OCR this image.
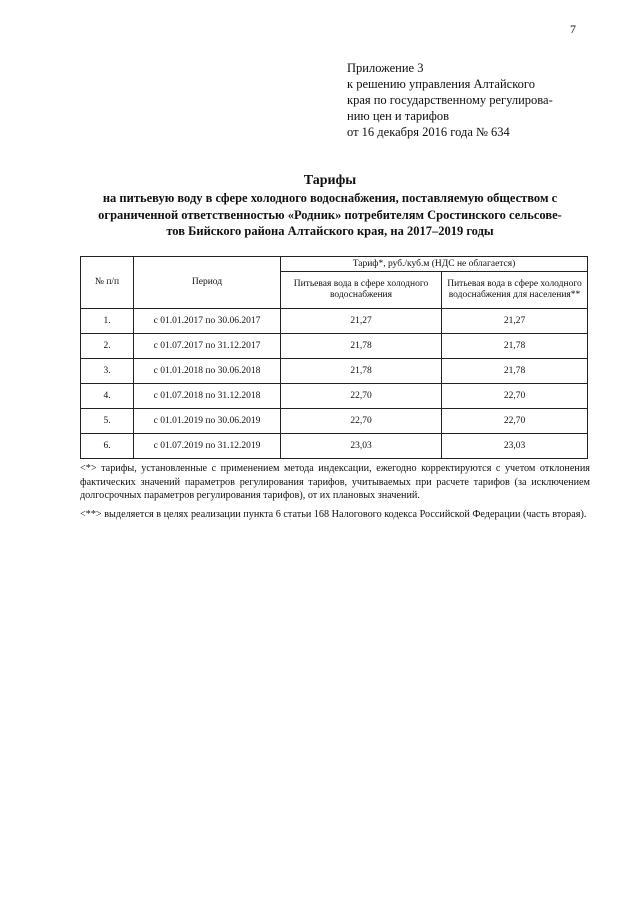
7
Приложение 3
к решению управления Алтайского
края по государственному регулирова-
нию цен и тарифов
от 16 декабря 2016 года № 634
Тарифы
на питьевую воду в сфере холодного водоснабжения, поставляемую обществом с
ограниченной ответственностью «Родник» потребителям Сростинского сельсове-
тов Бийского района Алтайского края, на 2017–2019 годы
№ п/п	Период	Тариф*, руб./куб.м (НДС не облагается)	
		Питьевая вода в сфере холодного водоснабжения	Питьевая вода в сфере холодного водоснабжения для населения**
1.	с 01.01.2017 по 30.06.2017	21,27	21,27
2.	с 01.07.2017 по 31.12.2017	21,78	21,78
3.	с 01.01.2018 по 30.06.2018	21,78	21,78
4.	с 01.07.2018 по 31.12.2018	22,70	22,70
5.	с 01.01.2019 по 30.06.2019	22,70	22,70
6.	с 01.07.2019 по 31.12.2019	23,03	23,03

<*> тарифы, установленные с применением метода индексации, ежегодно корректируются с учетом отклонения фактических значений параметров регулирования тарифов, учитываемых при расчете тарифов (за исключением долгосрочных параметров регулирования тарифов), от их плановых значений.

<**> выделяется в целях реализации пункта 6 статьи 168 Налогового кодекса Российской Федерации (часть вторая).
